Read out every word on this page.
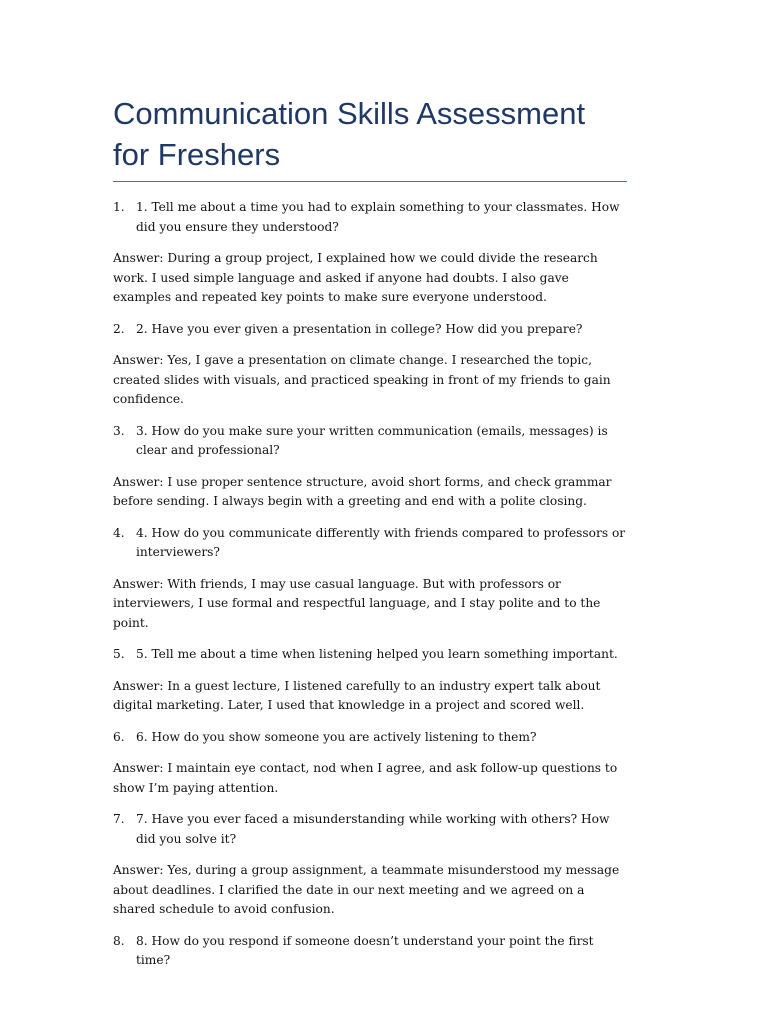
Communication Skills Assessment for Freshers
1. 1. Tell me about a time you had to explain something to your classmates. How did you ensure they understood?

Answer: During a group project, I explained how we could divide the research work. I used simple language and asked if anyone had doubts. I also gave examples and repeated key points to make sure everyone understood.

2. 2. Have you ever given a presentation in college? How did you prepare?

Answer: Yes, I gave a presentation on climate change. I researched the topic, created slides with visuals, and practiced speaking in front of my friends to gain confidence.

3. 3. How do you make sure your written communication (emails, messages) is clear and professional?

Answer: I use proper sentence structure, avoid short forms, and check grammar before sending. I always begin with a greeting and end with a polite closing.

4. 4. How do you communicate differently with friends compared to professors or interviewers?

Answer: With friends, I may use casual language. But with professors or interviewers, I use formal and respectful language, and I stay polite and to the point.

5. 5. Tell me about a time when listening helped you learn something important.

Answer: In a guest lecture, I listened carefully to an industry expert talk about digital marketing. Later, I used that knowledge in a project and scored well.

6. 6. How do you show someone you are actively listening to them?

Answer: I maintain eye contact, nod when I agree, and ask follow-up questions to show I’m paying attention.

7. 7. Have you ever faced a misunderstanding while working with others? How did you solve it?

Answer: Yes, during a group assignment, a teammate misunderstood my message about deadlines. I clarified the date in our next meeting and we agreed on a shared schedule to avoid confusion.

8. 8. How do you respond if someone doesn’t understand your point the first time?
